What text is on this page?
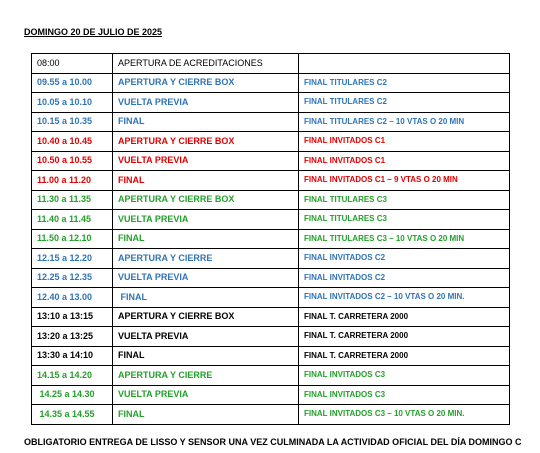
DOMINGO 20 DE JULIO DE 2025
08:00	APERTURA DE ACREDITACIONES	
09.55 a 10.00	APERTURA Y CIERRE BOX	FINAL TITULARES C2
10.05 a 10.10	VUELTA PREVIA	FINAL TITULARES C2
10.15 a 10.35	FINAL	FINAL TITULARES C2 – 10 VTAS O 20 MIN
10.40 a 10.45	APERTURA Y CIERRE BOX	FINAL INVITADOS C1
10.50 a 10.55	VUELTA PREVIA	FINAL INVITADOS C1
11.00 a 11.20	FINAL	FINAL INVITADOS C1 – 9 VTAS O 20 MIN
11.30 a 11.35	APERTURA Y CIERRE BOX	FINAL TITULARES C3
11.40 a 11.45	VUELTA PREVIA	FINAL TITULARES C3
11.50 a 12.10	FINAL	FINAL TITULARES C3 – 10 VTAS O 20 MIN
12.15 a 12.20	APERTURA Y CIERRE	FINAL INVITADOS C2
12.25 a 12.35	VUELTA PREVIA	FINAL INVITADOS C2
12.40 a 13.00	FINAL	FINAL INVITADOS C2 – 10 VTAS O 20 MIN.
13:10 a 13:15	APERTURA Y CIERRE BOX	FINAL T. CARRETERA 2000
13:20 a 13:25	VUELTA PREVIA	FINAL T. CARRETERA 2000
13:30 a 14:10	FINAL	FINAL T. CARRETERA 2000
14.15 a 14.20	APERTURA Y CIERRE	FINAL INVITADOS C3
14.25 a 14.30	VUELTA PREVIA	FINAL INVITADOS C3
14.35 a 14.55	FINAL	FINAL INVITADOS C3 – 10 VTAS O 20 MIN.
OBLIGATORIO ENTREGA DE LISSO Y SENSOR UNA VEZ CULMINADA LA ACTIVIDAD OFICIAL DEL DÍA DOMINGO C
